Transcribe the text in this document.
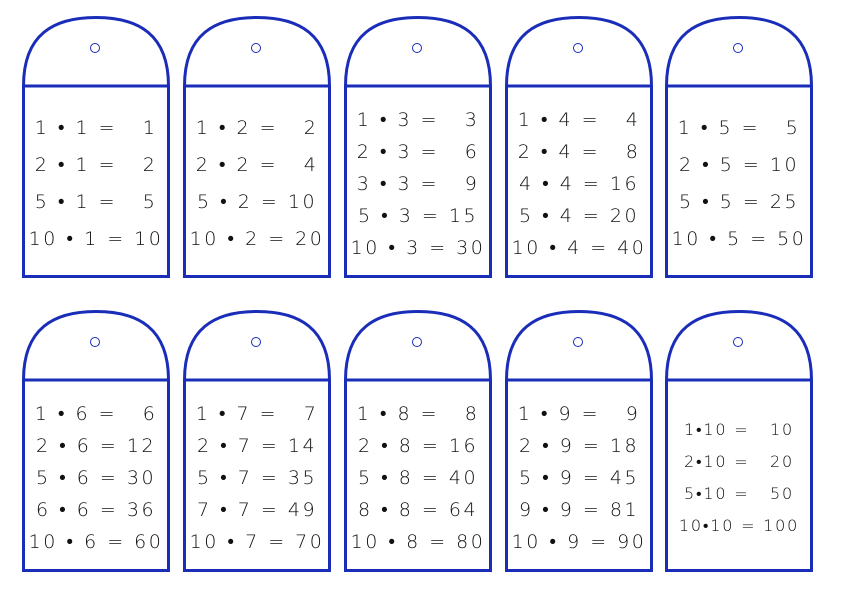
1 • 1 =   1
2 • 1 =   2
5 • 1 =   5
10 • 1 = 10
1 • 2 =   2
2 • 2 =   4
5 • 2 = 10
10 • 2 = 20
1 • 3 =   3
2 • 3 =   6
3 • 3 =   9
5 • 3 = 15
10 • 3 = 30
1 • 4 =   4
2 • 4 =   8
4 • 4 = 16
5 • 4 = 20
10 • 4 = 40
1 • 5 =   5
2 • 5 = 10
5 • 5 = 25
10 • 5 = 50
1 • 6 =   6
2 • 6 = 12
5 • 6 = 30
6 • 6 = 36
10 • 6 = 60
1 • 7 =   7
2 • 7 = 14
5 • 7 = 35
7 • 7 = 49
10 • 7 = 70
1 • 8 =   8
2 • 8 = 16
5 • 8 = 40
8 • 8 = 64
10 • 8 = 80
1 • 9 =   9
2 • 9 = 18
5 • 9 = 45
9 • 9 = 81
10 • 9 = 90
1•10 =   10
2•10 =   20
5•10 =   50
10•10 = 100
